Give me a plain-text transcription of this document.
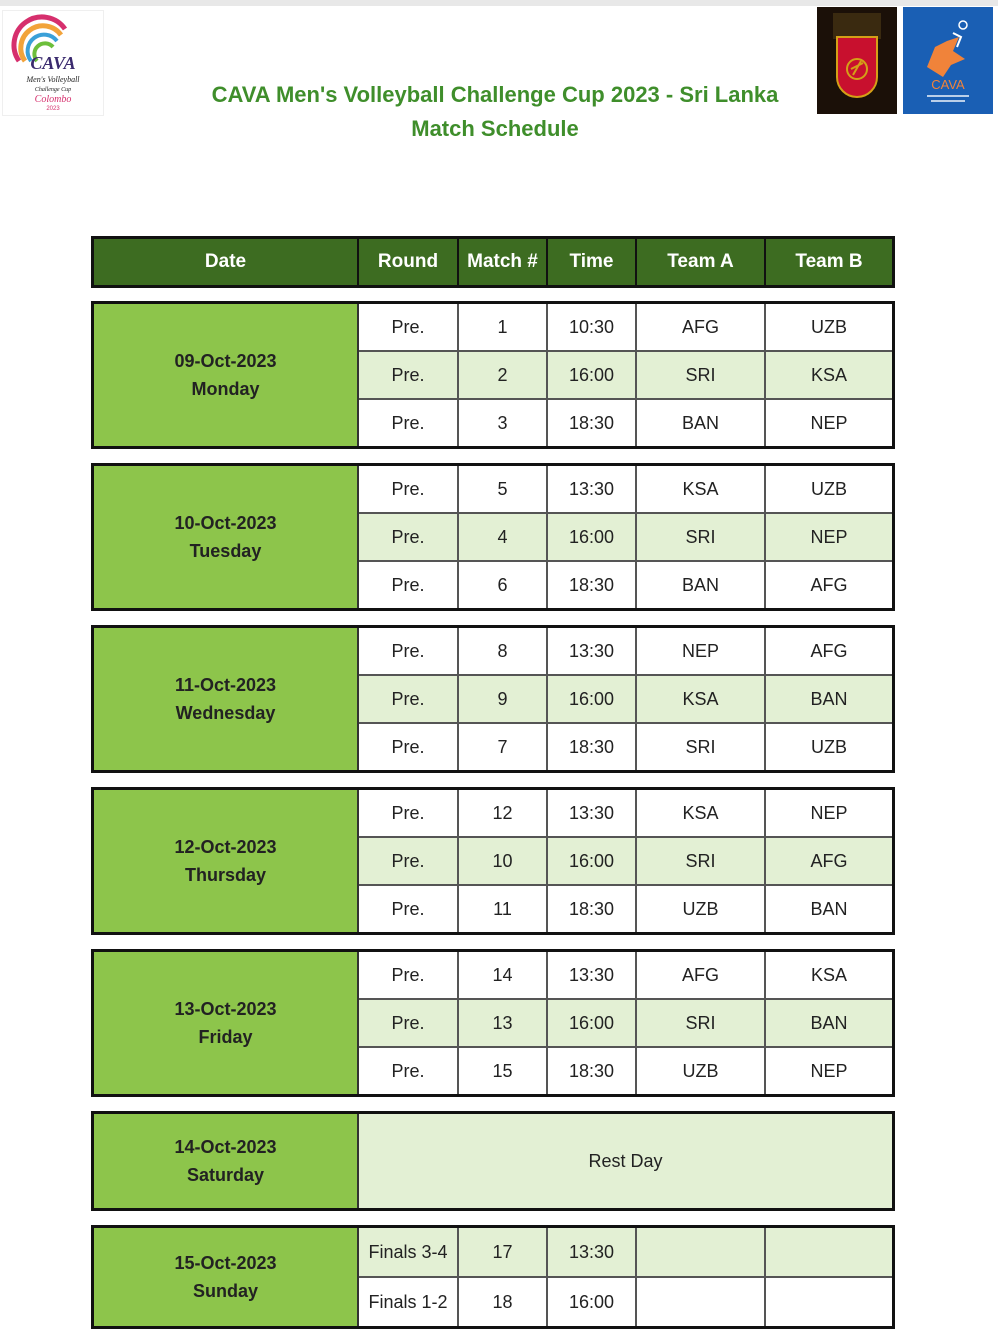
CAVA
Men's Volleyball
Challenge Cup
Colombo
2023
CAVA
CAVA Men's Volleyball Challenge Cup 2023 - Sri Lanka
Match Schedule
Date	Round	Match #	Time	Team A	Team B
09-Oct-2023
Monday
Pre.	1	10:30	AFG	UZB
Pre.	2	16:00	SRI	KSA
Pre.	3	18:30	BAN	NEP
10-Oct-2023
Tuesday
Pre.	5	13:30	KSA	UZB
Pre.	4	16:00	SRI	NEP
Pre.	6	18:30	BAN	AFG
11-Oct-2023
Wednesday
Pre.	8	13:30	NEP	AFG
Pre.	9	16:00	KSA	BAN
Pre.	7	18:30	SRI	UZB
12-Oct-2023
Thursday
Pre.	12	13:30	KSA	NEP
Pre.	10	16:00	SRI	AFG
Pre.	11	18:30	UZB	BAN
13-Oct-2023
Friday
Pre.	14	13:30	AFG	KSA
Pre.	13	16:00	SRI	BAN
Pre.	15	18:30	UZB	NEP
14-Oct-2023
Saturday
Rest Day
15-Oct-2023
Sunday
Finals 3-4	17	13:30
Finals 1-2	18	16:00
